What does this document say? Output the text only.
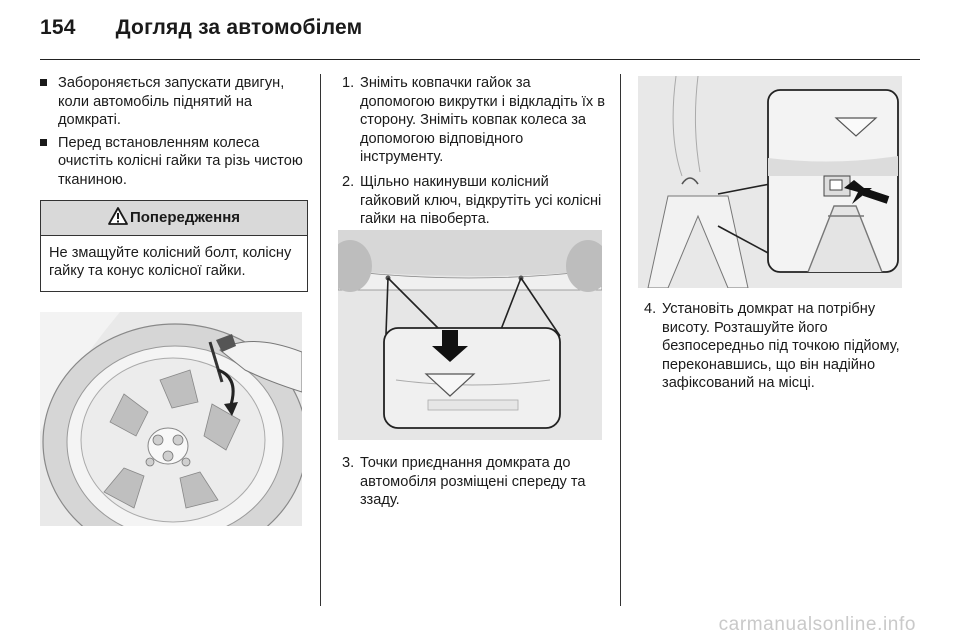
154 Догляд за автомобілем
Забороняється запускати двигун, коли автомобіль піднятий на домкраті.
Перед встановленням колеса очистіть колісні гайки та різь чистою тканиною.
Попередження
Не змащуйте колісний болт, колісну гайку та конус колісної гайки.
1. Зніміть ковпачки гайок за допомогою викрутки і відкладіть їх в сторону. Зніміть ковпак колеса за допомогою відповідного інструменту.
2. Щільно накинувши колісний гайковий ключ, відкрутіть усі колісні гайки на півоберта.
3. Точки приєднання домкрата до автомобіля розміщені спереду та ззаду.
4. Установіть домкрат на потрібну висоту. Розташуйте його безпосередньо під точкою підйому, переконавшись, що він надійно зафіксований на місці.
carmanualsonline.info
